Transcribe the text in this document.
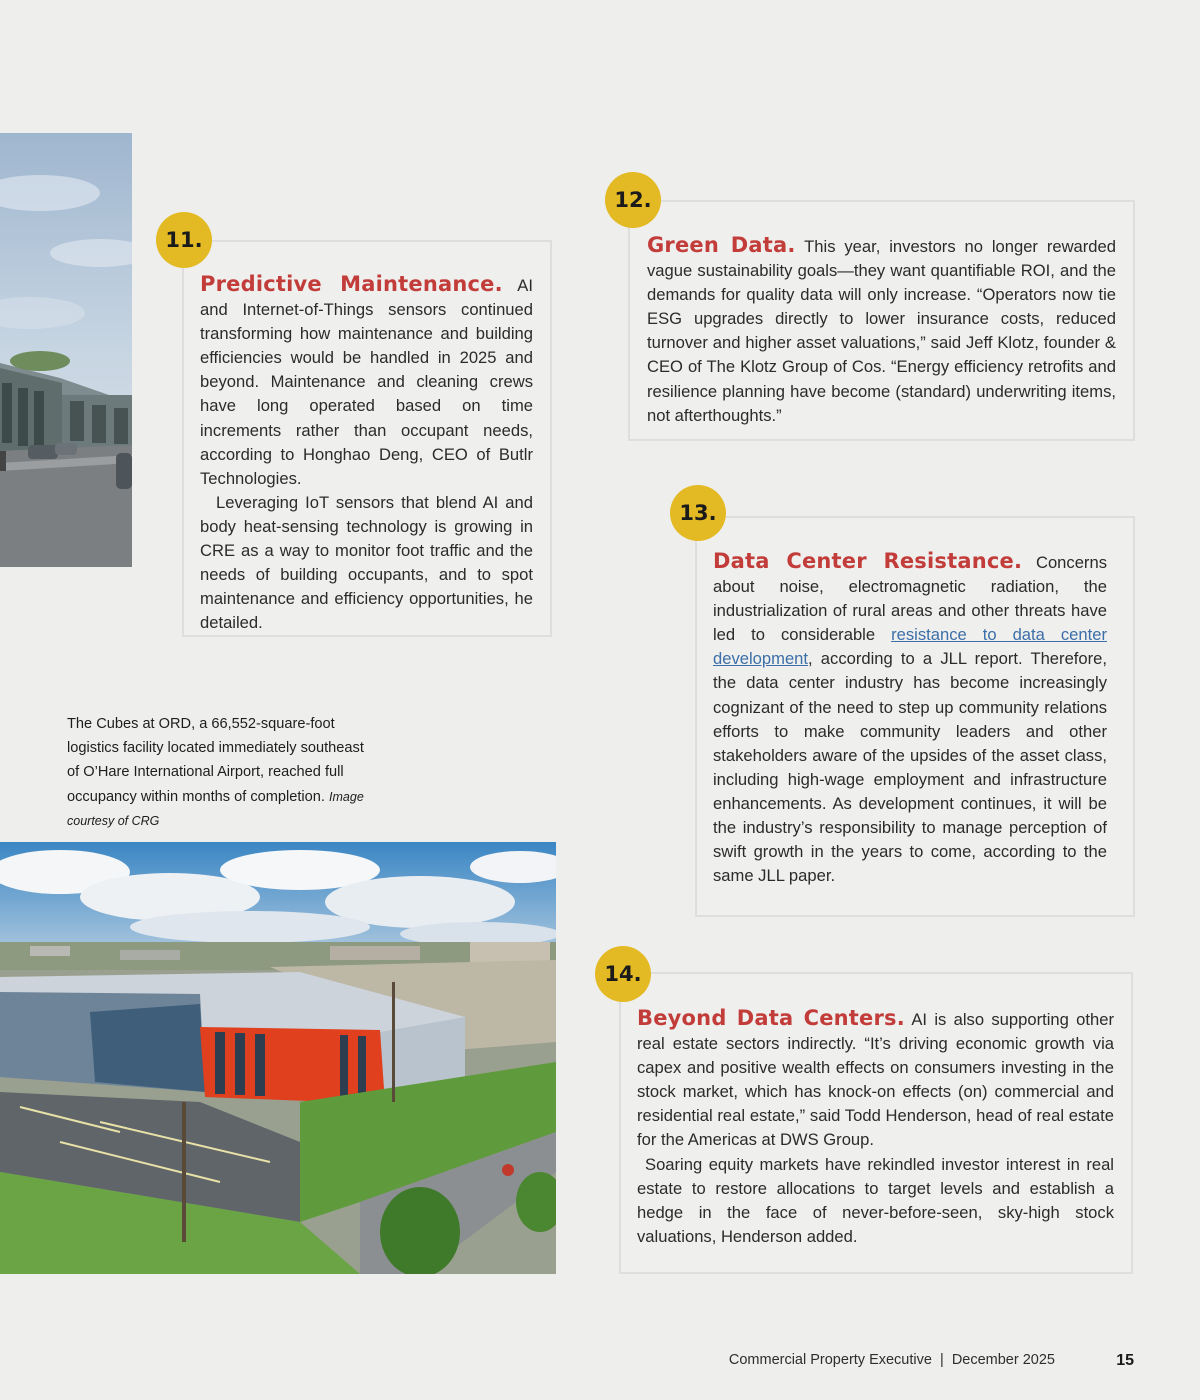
11.

Predictive Maintenance. AI and Internet-of-Things sensors continued transforming how maintenance and building efficiencies would be handled in 2025 and beyond. Maintenance and cleaning crews have long operated based on time increments rather than occupant needs, according to Honghao Deng, CEO of Butlr Technologies.

Leveraging IoT sensors that blend AI and body heat-sensing technology is growing in CRE as a way to monitor foot traffic and the needs of building occupants, and to spot maintenance and efficiency opportunities, he detailed.

12.

Green Data. This year, investors no longer rewarded vague sustainability goals—they want quantifiable ROI, and the demands for quality data will only increase. “Operators now tie ESG upgrades directly to lower insurance costs, reduced turnover and higher asset valuations,” said Jeff Klotz, founder & CEO of The Klotz Group of Cos. “Energy efficiency retrofits and resilience planning have become (standard) underwriting items, not afterthoughts.”

13.

Data Center Resistance. Concerns about noise, electromagnetic radiation, the industrialization of rural areas and other threats have led to considerable resistance to data center development, according to a JLL report. Therefore, the data center industry has become increasingly cognizant of the need to step up community relations efforts to make community leaders and other stakeholders aware of the upsides of the asset class, including high-wage employment and infrastructure enhancements. As development continues, it will be the industry’s responsibility to manage perception of swift growth in the years to come, according to the same JLL paper.

The Cubes at ORD, a 66,552-square-foot logistics facility located immediately southeast of O’Hare International Airport, reached full occupancy within months of completion. Image courtesy of CRG
14.

Beyond Data Centers. AI is also supporting other real estate sectors indirectly. “It’s driving economic growth via capex and positive wealth effects on consumers investing in the stock market, which has knock-on effects (on) commercial and residential real estate,” said Todd Henderson, head of real estate for the Americas at DWS Group.

Soaring equity markets have rekindled investor interest in real estate to restore allocations to target levels and establish a hedge in the face of never-before-seen, sky-high stock valuations, Henderson added.

Commercial Property Executive  |  December 2025	15
